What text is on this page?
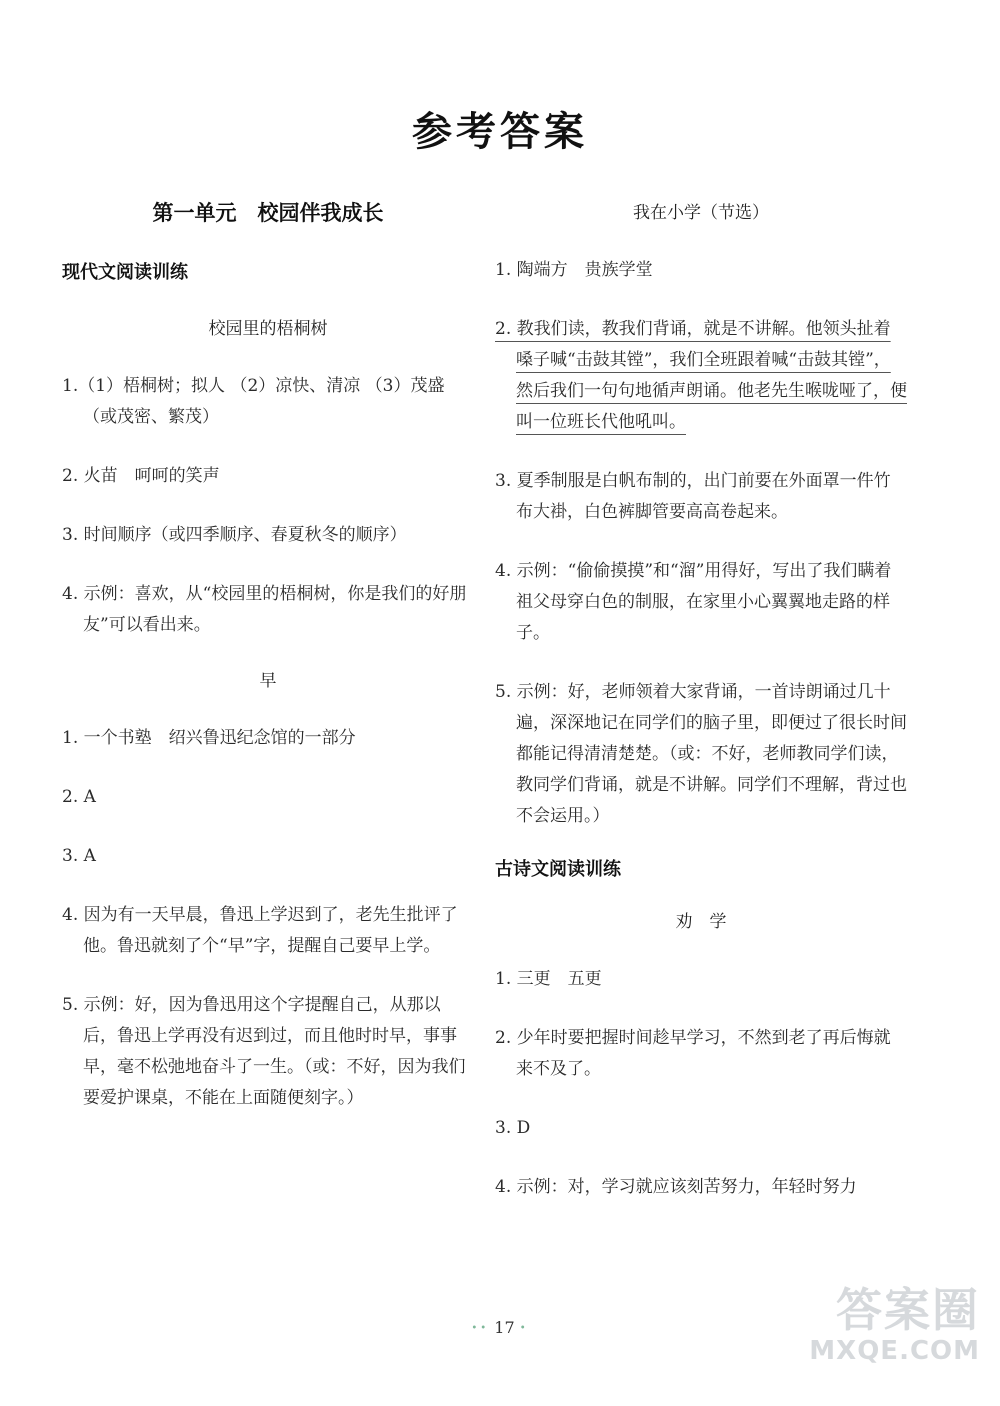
参考答案
第一单元　校园伴我成长
现代文阅读训练
校园里的梧桐树
1.（1）梧桐树；拟人 （2）凉快、清凉 （3）茂盛（或茂密、繁茂）
2. 火苗　呵呵的笑声
3. 时间顺序（或四季顺序、春夏秋冬的顺序）
4. 示例：喜欢，从“校园里的梧桐树，你是我们的好朋友”可以看出来。
早
1. 一个书塾　绍兴鲁迅纪念馆的一部分
2. A
3. A
4. 因为有一天早晨，鲁迅上学迟到了，老先生批评了他。鲁迅就刻了个“早”字，提醒自己要早上学。
5. 示例：好，因为鲁迅用这个字提醒自己，从那以后，鲁迅上学再没有迟到过，而且他时时早，事事早，毫不松弛地奋斗了一生。（或：不好，因为我们要爱护课桌，不能在上面随便刻字。）
我在小学（节选）
1. 陶端方　贵族学堂
2. 教我们读，教我们背诵，就是不讲解。他领头扯着嗓子喊“击鼓其镗”，我们全班跟着喊“击鼓其镗”，然后我们一句句地循声朗诵。他老先生喉咙哑了，便叫一位班长代他吼叫。
3. 夏季制服是白帆布制的，出门前要在外面罩一件竹布大褂，白色裤脚管要高高卷起来。
4. 示例：“偷偷摸摸”和“溜”用得好，写出了我们瞒着祖父母穿白色的制服，在家里小心翼翼地走路的样子。
5. 示例：好，老师领着大家背诵，一首诗朗诵过几十遍，深深地记在同学们的脑子里，即便过了很长时间都能记得清清楚楚。（或：不好，老师教同学们读，教同学们背诵，就是不讲解。同学们不理解，背过也不会运用。）
古诗文阅读训练
劝　学
1. 三更　五更
2. 少年时要把握时间趁早学习，不然到老了再后悔就来不及了。
3. D
4. 示例：对，学习就应该刻苦努力，年轻时努力
•• 17 •	答案圈
MXQE.COM
